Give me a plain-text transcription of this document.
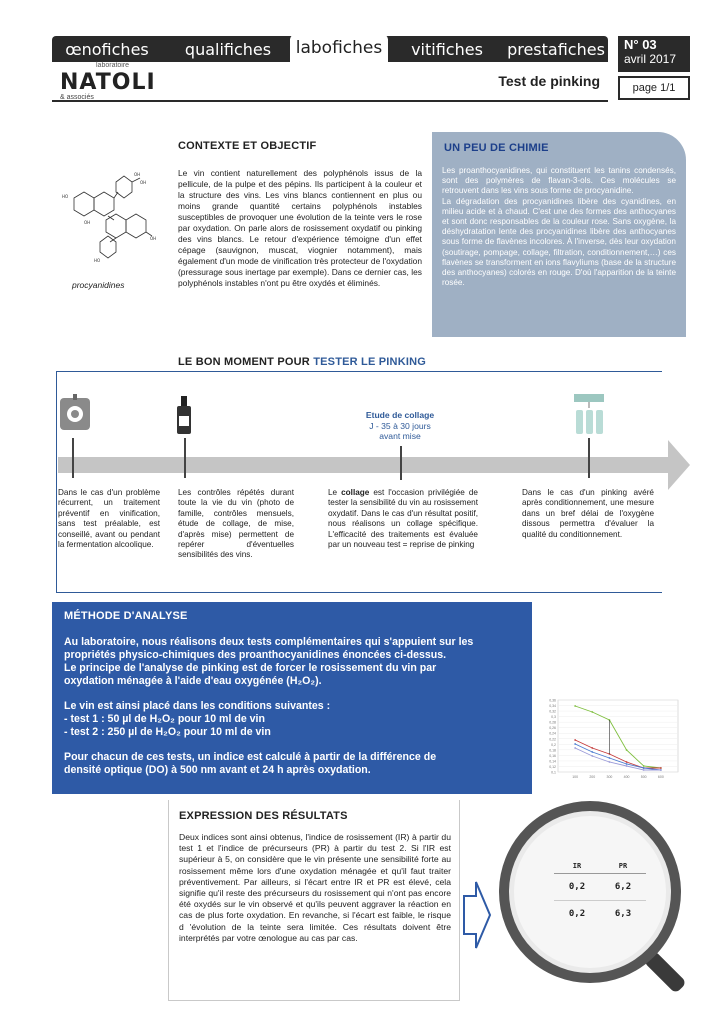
œnofiches	qualifiches	labofiches	vitifiches	prestafiches N° 03
avril 2017
page 1/1
Test de pinking
laboratoire
NATOLI
& associés
HO
OH
OH
OH
OH
HO
procyanidines
CONTEXTE ET OBJECTIF
Le vin contient naturellement des polyphénols issus de la pellicule, de la pulpe et des pépins. Ils participent à la couleur et la structure des vins. Les vins blancs contiennent en plus ou moins grande quantité certains polyphénols instables susceptibles de provoquer une évolution de la teinte vers le rose par oxydation. On parle alors de rosissement oxydatif ou pinking des vins blancs. Le retour d'expérience témoigne d'un effet cépage (sauvignon, muscat, viognier notamment), mais également d'un mode de vinification très protecteur de l'oxydation (pressurage sous inertage par exemple). Dans ce dernier cas, les polyphénols instables n'ont pu être oxydés et éliminés.
UN PEU DE CHIMIE
Les proanthocyanidines, qui constituent les tanins condensés, sont des polymères de flavan-3-ols. Ces molécules se retrouvent dans les vins sous forme de procyanidine.
La dégradation des procyanidines libère des cyanidines, en milieu acide et à chaud. C'est une des formes des anthocyanes et sont donc responsables de la couleur rose. Sans oxygène, la déshydratation lente des procyanidines libère des anthocyanes sous forme de flavènes incolores. À l'inverse, dès leur oxydation (soutirage, pompage, collage, filtration, conditionnement,…) ces flavènes se transforment en ions flavyliums (base de la structure des anthocyanes) colorés en rouge. D'où l'apparition de la teinte rosée.
LE BON MOMENT POUR TESTER LE PINKING
Etude de collage
J - 35 à 30 jours
avant mise
Dans le cas d'un problème récurrent, un traitement préventif en vinification, sans test préalable, est conseillé, avant ou pendant la fermentation alcoolique.
Les contrôles répétés durant toute la vie du vin (photo de famille, contrôles mensuels, étude de collage, de mise, d'après mise) permettent de repérer d'éventuelles sensibilités des vins.
Le collage est l'occasion privilégiée de tester la sensibilité du vin au rosissement oxydatif. Dans le cas d'un résultat positif, nous réalisons un collage spécifique. L'efficacité des traitements est évaluée par un nouveau test = reprise de pinking
Dans le cas d'un pinking avéré après conditionnement, une mesure dans un bref délai de l'oxygène dissous permettra d'évaluer la qualité du conditionnement.
MÉTHODE D'ANALYSE
Au laboratoire, nous réalisons deux tests complémentaires qui s'appuient sur les
propriétés physico-chimiques des proanthocyanidines énoncées ci-dessus.
Le principe de l'analyse de pinking est de forcer le rosissement du vin par
oxydation ménagée à l'aide d'eau oxygénée (H₂O₂).
Le vin est ainsi placé dans les conditions suivantes :
- test 1 : 50 µl de H₂O₂ pour 10 ml de vin
- test 2 : 250 µl de H₂O₂ pour 10 ml de vin
Pour chacun de ces tests, un indice est calculé à partir de la différence de
densité optique (DO) à 500 nm avant et 24 h après oxydation.
0,36
0,34
0,32
0,3
0,28
0,26
0,24
0,22
0,2
0,18
0,16
0,14
0,12
0,1
100	200	300	400	500	600
EXPRESSION DES RÉSULTATS
Deux indices sont ainsi obtenus, l'indice de rosissement (IR) à partir du test 1 et l'indice de précurseurs (PR) à partir du test 2. Si l'IR est supérieur à 5, on considère que le vin présente une sensibilité forte au rosissement même lors d'une oxydation ménagée et qu'il faut traiter préventivement. Par ailleurs, si l'écart entre IR et PR est élevé, cela signifie qu'il reste des précurseurs du rosissement qui n'ont pas encore été oxydés sur le vin observé et qu'ils peuvent aggraver la réaction en cas de plus forte oxydation. En revanche, si l'écart est faible, le risque d 'évolution de la teinte sera limitée. Ces résultats doivent être interprétés par votre œnologue au cas par cas.
IR	PR
0,2	6,2
0,2	6,3
